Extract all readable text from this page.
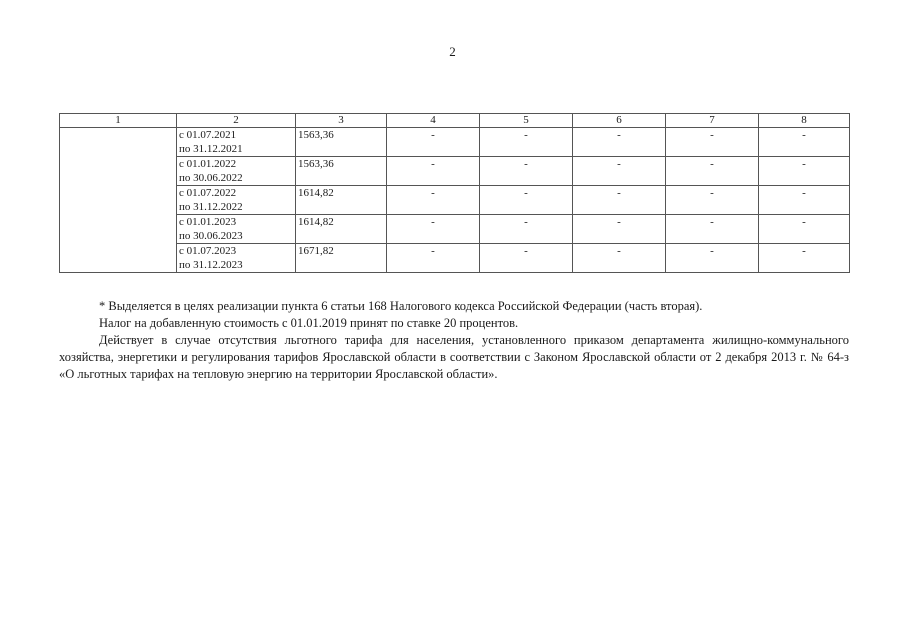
2
1	2	3	4	5	6	7	8

	с 01.07.2021
по 31.12.2021	1563,36	-	-	-	-	-

	с 01.01.2022
по 30.06.2022	1563,36	-	-	-	-	-

	с 01.07.2022
по 31.12.2022	1614,82	-	-	-	-	-

	с 01.01.2023
по 30.06.2023	1614,82	-	-	-	-	-

	с 01.07.2023
по 31.12.2023	1671,82	-	-	-	-	-

* Выделяется в целях реализации пункта 6 статьи 168 Налогового кодекса Российской Федерации (часть вторая).

Налог на добавленную стоимость с 01.01.2019 принят по ставке 20 процентов.

Действует в случае отсутствия льготного тарифа для населения, установленного приказом департамента жилищно-коммунального хозяйства, энергетики и регулирования тарифов Ярославской области в соответствии с Законом Ярославской области от 2 декабря 2013 г. № 64-з «О льготных тарифах на тепловую энергию на территории Ярославской области».
